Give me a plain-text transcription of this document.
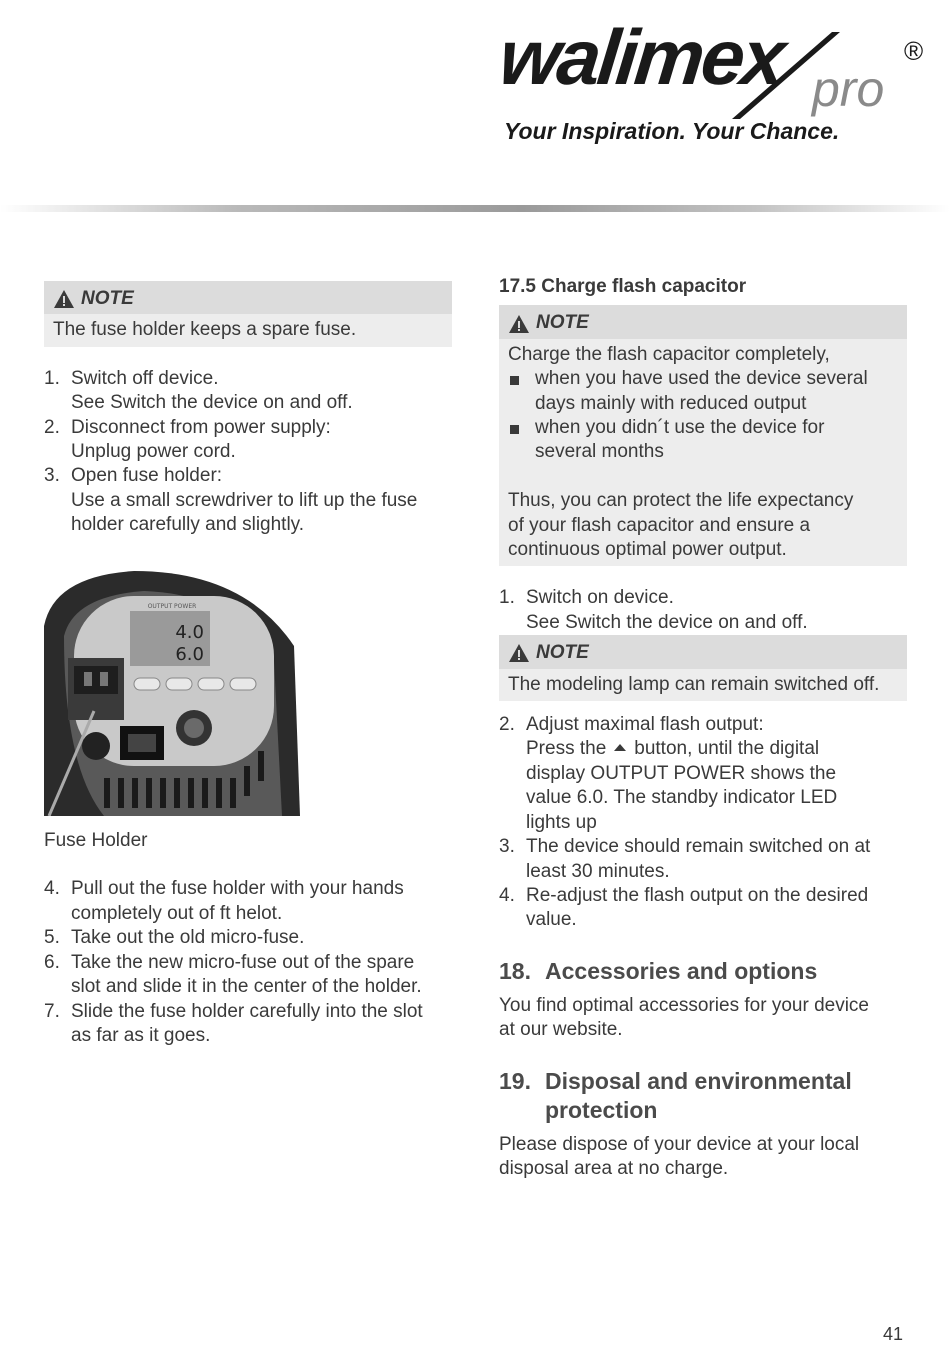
walimex pro
®
Your Inspiration. Your Chance.
NOTE

The fuse holder keeps a spare fuse.

1. Switch off device.

See Switch the device on and off.

2. Disconnect from power supply:

Unplug power cord.

3. Open fuse holder:

Use a small screwdriver to lift up the fuse

holder carefully and slightly.

4.0
6.0
OUTPUT POWER

Fuse Holder

4. Pull out the fuse holder with your hands

completely out of ft helot.

5. Take out the old micro-fuse.

6. Take the new micro-fuse out of the spare

slot and slide it in the center of the holder.

7. Slide the fuse holder carefully into the slot

as far as it goes.

17.5 Charge flash capacitor
NOTE

Charge the flash capacitor completely,

when you have used the device several

days mainly with reduced output

when you didn´t use the device for

several months

Thus, you can protect the life expectancy

of your flash capacitor and ensure a

continuous optimal power output.

1. Switch on device.

See Switch the device on and off.

NOTE

The modeling lamp can remain switched off.

2. Adjust maximal flash output:

Press the button, until the digital

display OUTPUT POWER shows the

value 6.0. The standby indicator LED

lights up

3. The device should remain switched on at

least 30 minutes.

4. Re-adjust the flash output on the desired

value.

18. Accessories and options

You find optimal accessories for your device

at our website.

19. Disposal and environmental

protection

Please dispose of your device at your local

disposal area at no charge.

41
